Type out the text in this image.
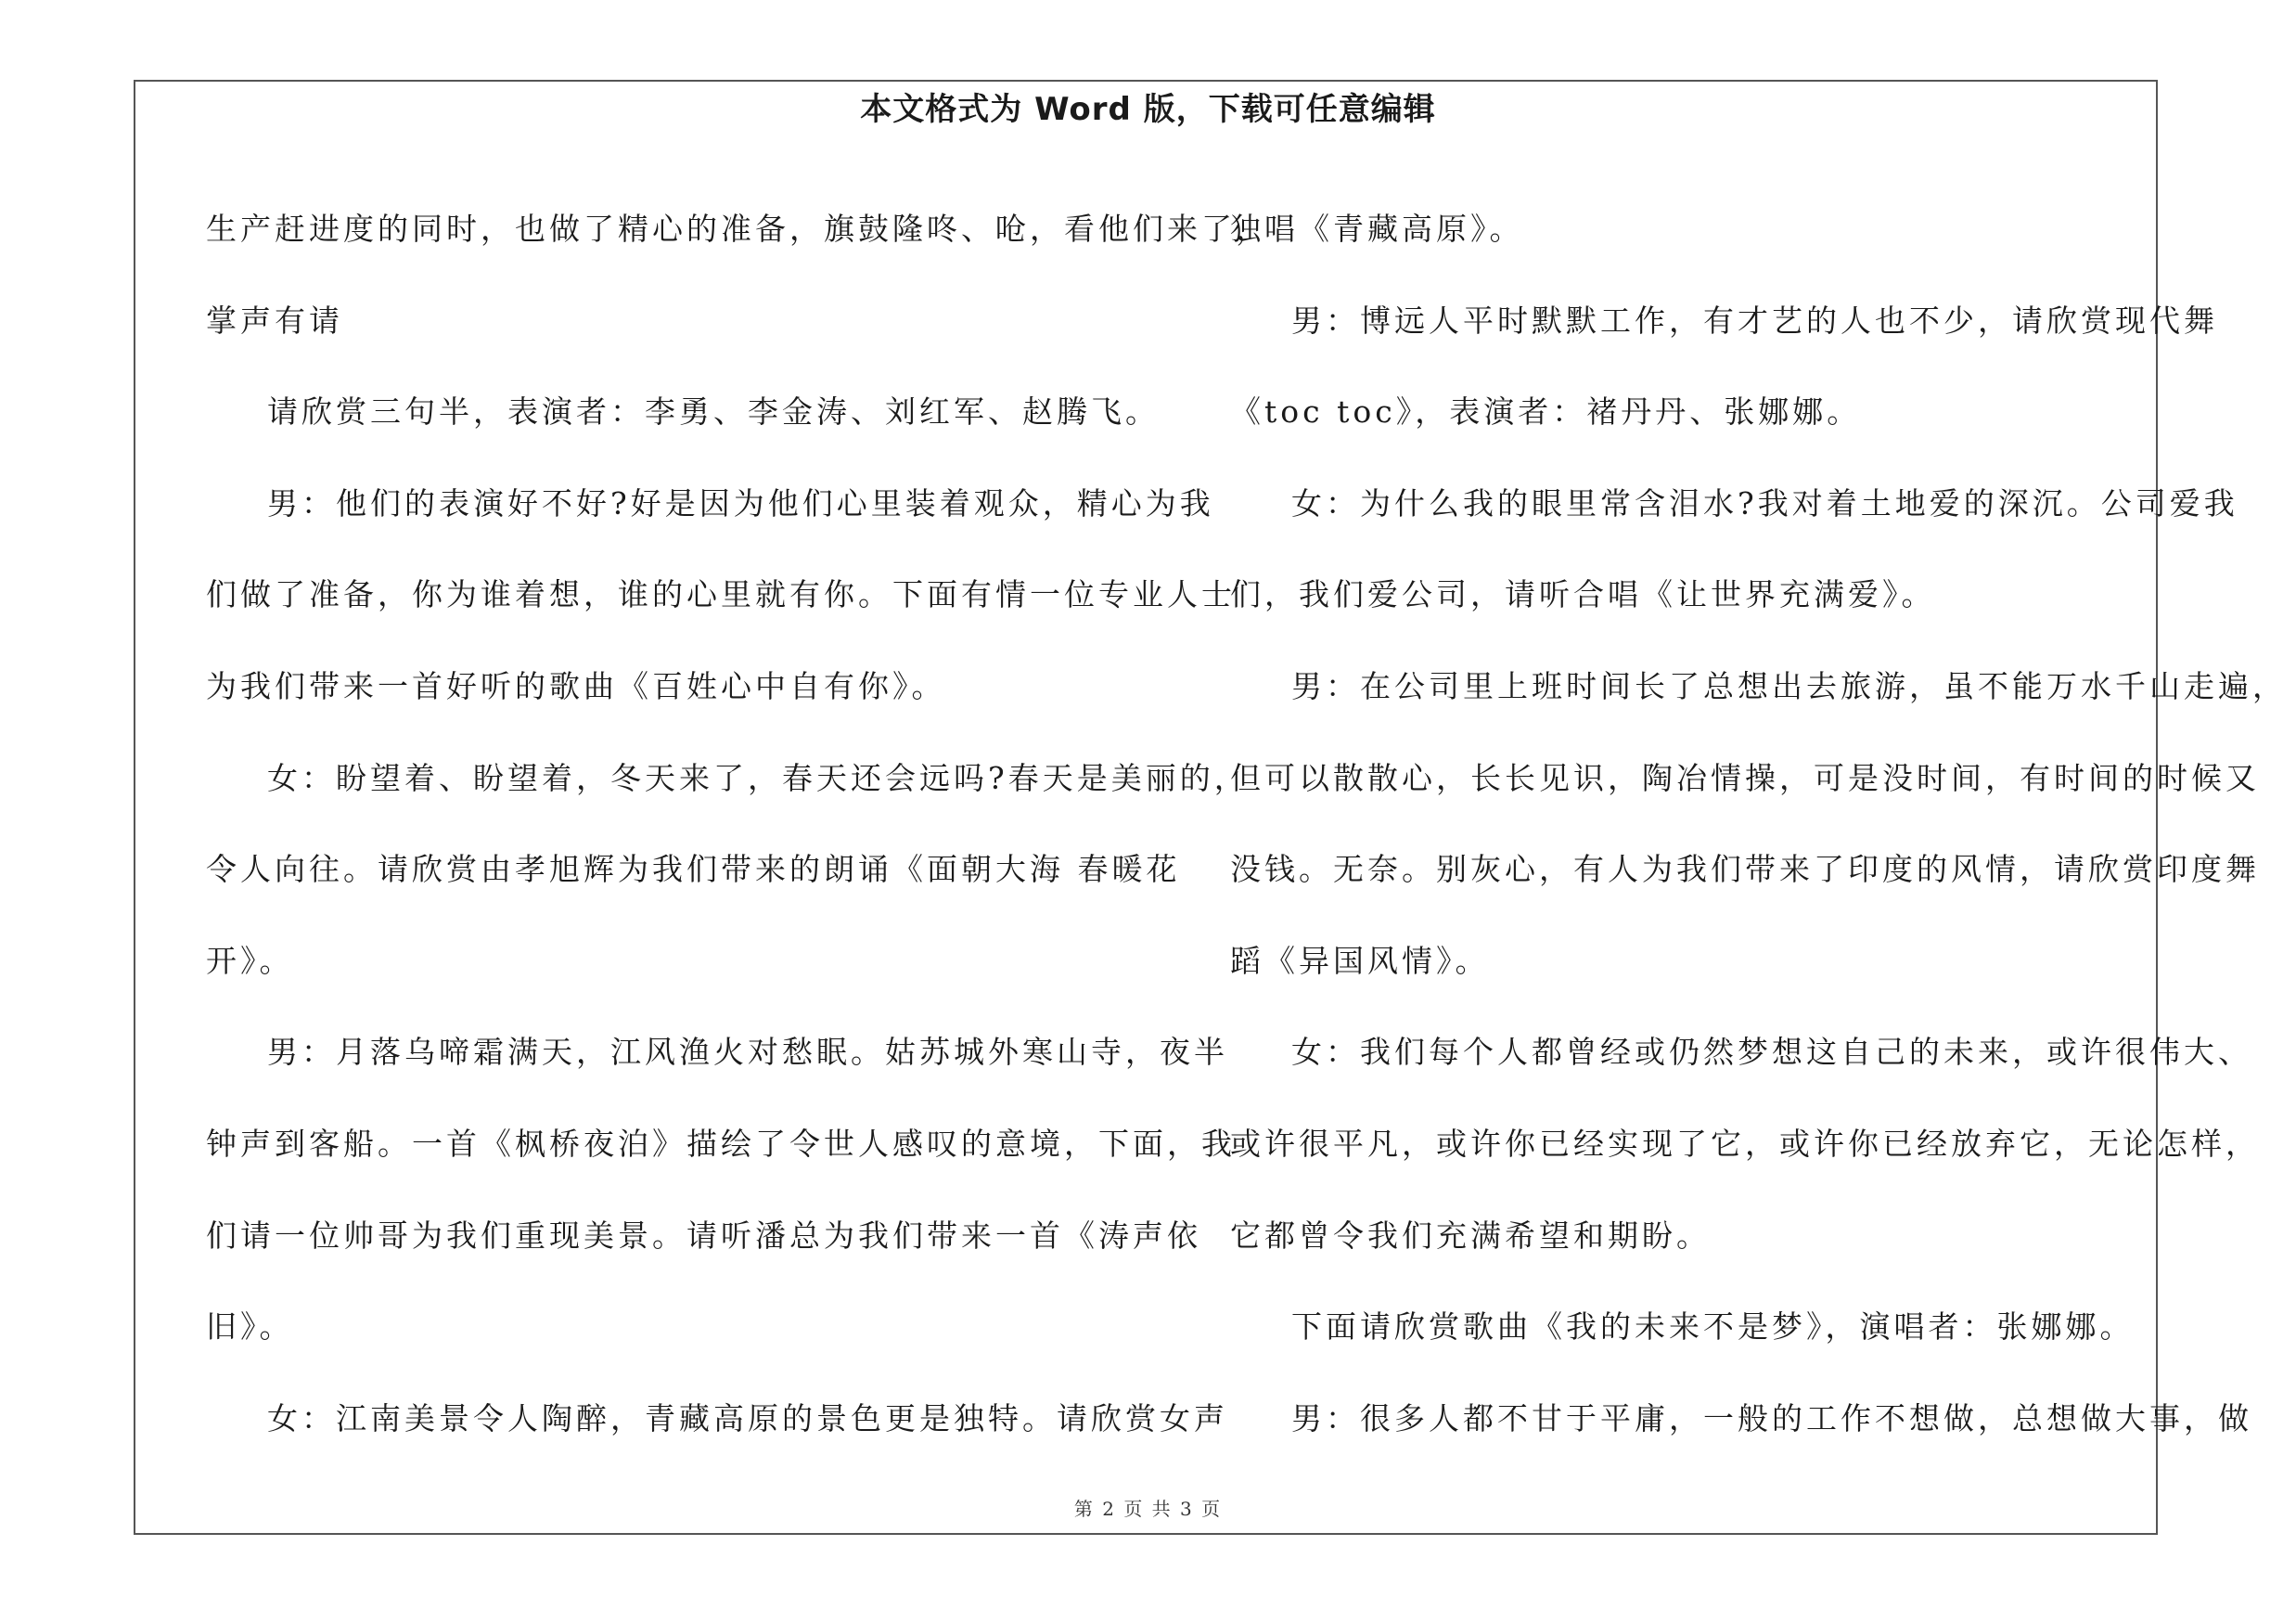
本文格式为 Word 版，下载可任意编辑
生产赶进度的同时，也做了精心的准备，旗鼓隆咚、呛，看他们来了，
掌声有请
请欣赏三句半，表演者：李勇、李金涛、刘红军、赵腾飞。
男：他们的表演好不好?好是因为他们心里装着观众，精心为我
们做了准备，你为谁着想，谁的心里就有你。下面有情一位专业人士
为我们带来一首好听的歌曲《百姓心中自有你》。
女：盼望着、盼望着，冬天来了，春天还会远吗?春天是美丽的，
令人向往。请欣赏由孝旭辉为我们带来的朗诵《面朝大海 春暖花
开》。
男：月落乌啼霜满天，江风渔火对愁眠。姑苏城外寒山寺，夜半
钟声到客船。一首《枫桥夜泊》描绘了令世人感叹的意境，下面，我
们请一位帅哥为我们重现美景。请听潘总为我们带来一首《涛声依
旧》。
女：江南美景令人陶醉，青藏高原的景色更是独特。请欣赏女声
独唱《青藏高原》。
男：博远人平时默默工作，有才艺的人也不少，请欣赏现代舞
《toc toc》，表演者：褚丹丹、张娜娜。
女：为什么我的眼里常含泪水?我对着土地爱的深沉。公司爱我
们，我们爱公司，请听合唱《让世界充满爱》。
男：在公司里上班时间长了总想出去旅游，虽不能万水千山走遍，
但可以散散心，长长见识，陶冶情操，可是没时间，有时间的时候又
没钱。无奈。别灰心，有人为我们带来了印度的风情，请欣赏印度舞
蹈《异国风情》。
女：我们每个人都曾经或仍然梦想这自己的未来，或许很伟大、
或许很平凡，或许你已经实现了它，或许你已经放弃它，无论怎样，
它都曾令我们充满希望和期盼。
下面请欣赏歌曲《我的未来不是梦》，演唱者：张娜娜。
男：很多人都不甘于平庸，一般的工作不想做，总想做大事，做
第 2 页 共 3 页
